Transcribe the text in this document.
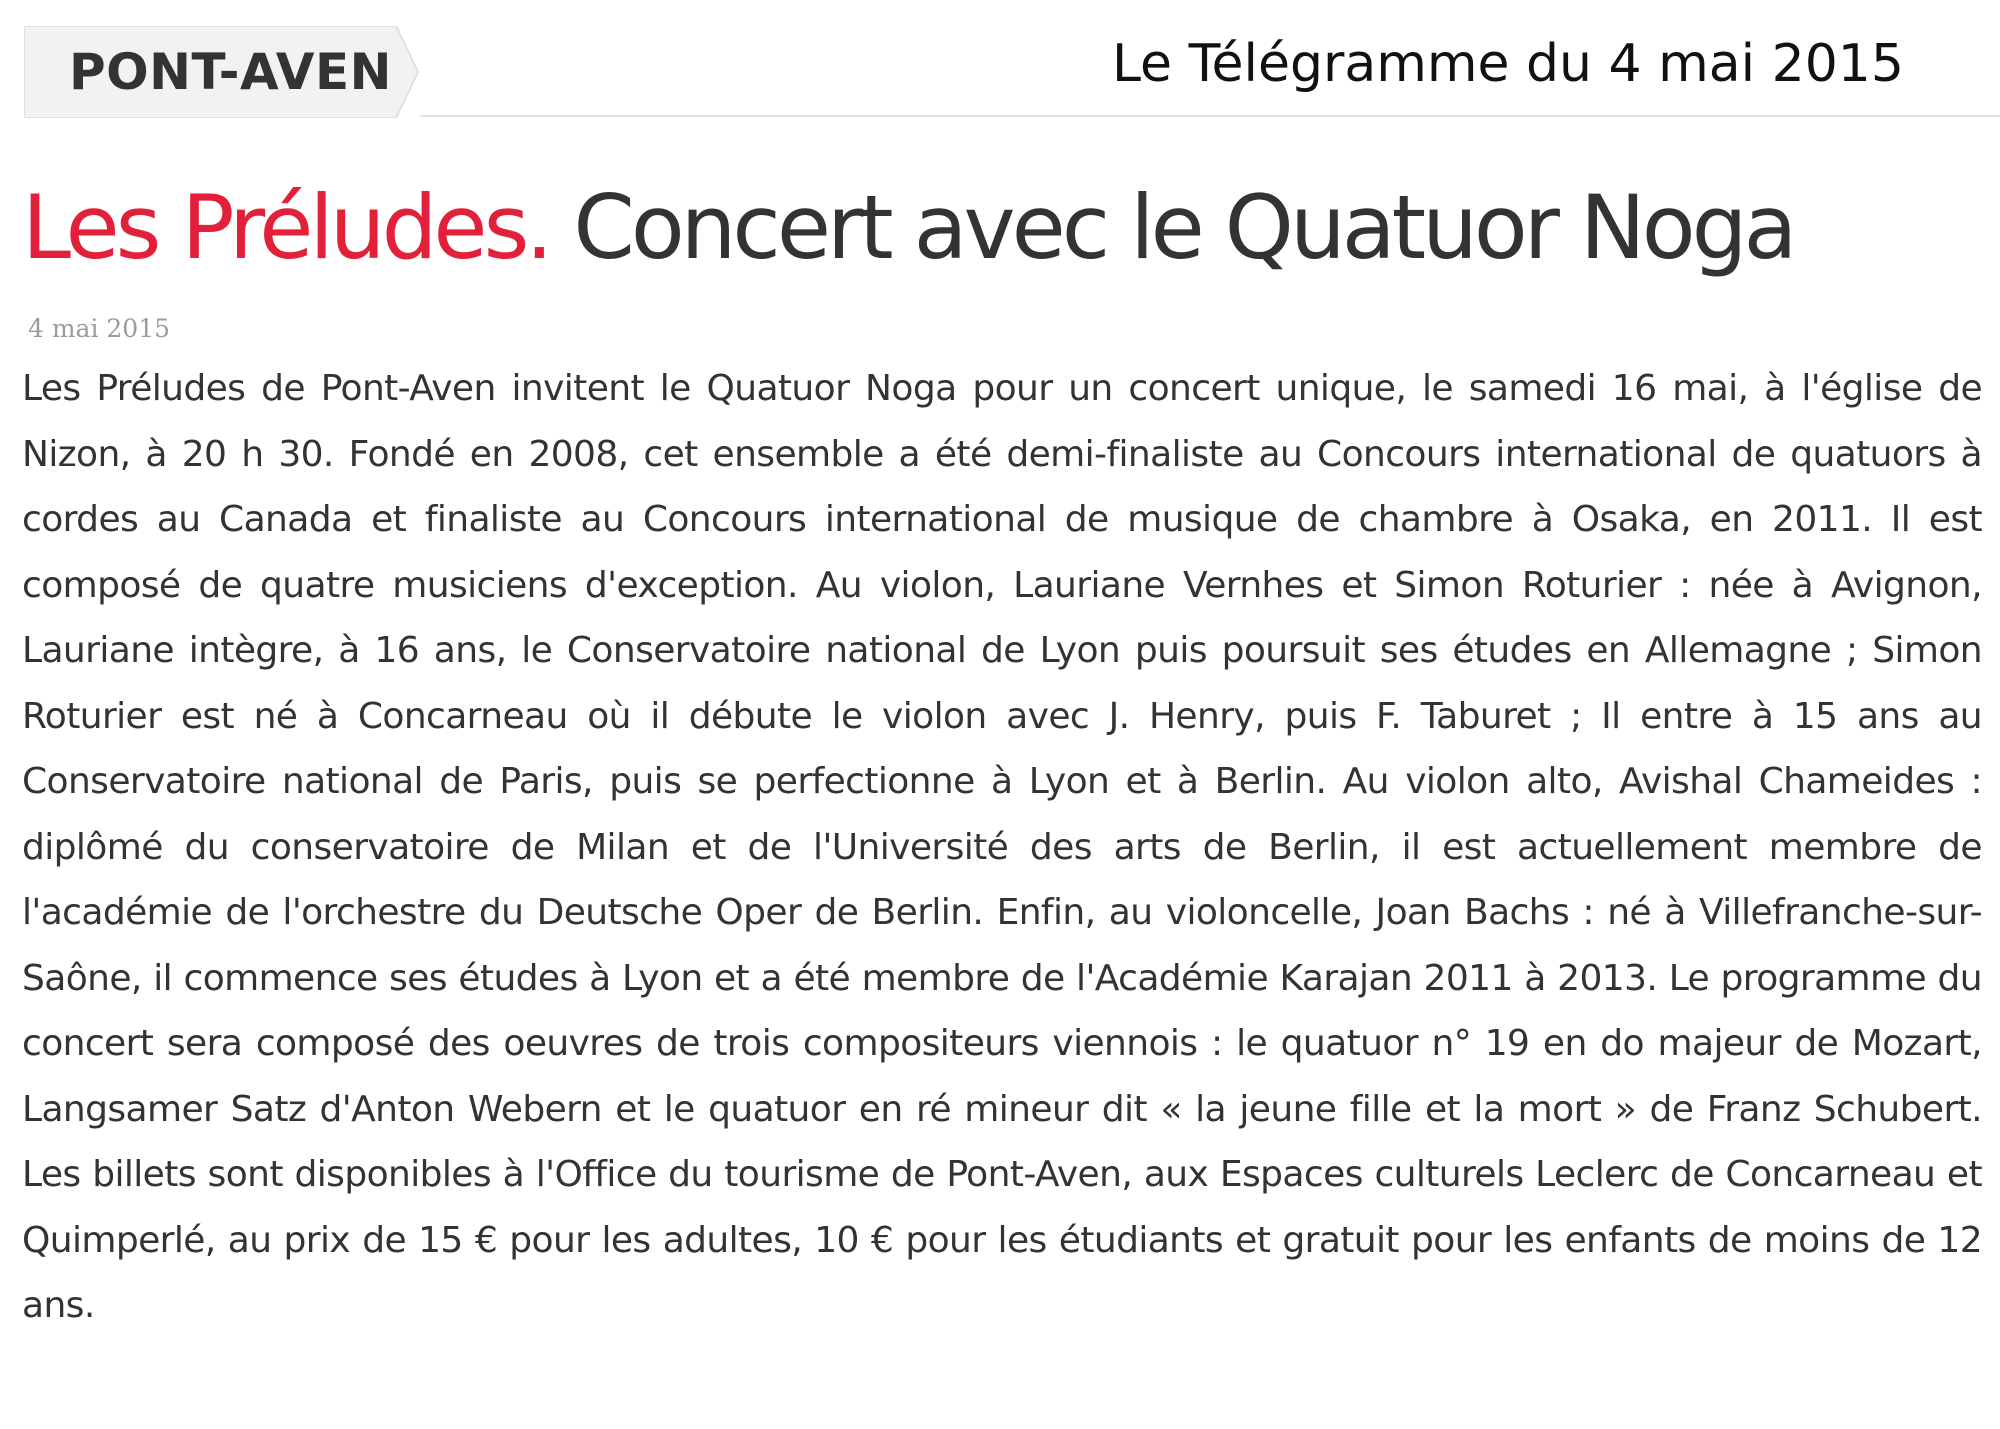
PONT-AVEN	Le Télégramme du 4 mai 2015
Les Préludes. Concert avec le Quatuor Noga
4 mai 2015

Les Préludes de Pont-Aven invitent le Quatuor Noga pour un concert unique, le samedi 16 mai, à l'église de Nizon, à 20 h 30. Fondé en 2008, cet ensemble a été demi-finaliste au Concours international de quatuors à cordes au Canada et finaliste au Concours international de musique de chambre à Osaka, en 2011. Il est composé de quatre musiciens d'exception. Au violon, Lauriane Vernhes et Simon Roturier : née à Avignon, Lauriane intègre, à 16 ans, le Conservatoire national de Lyon puis poursuit ses études en Allemagne ; Simon Roturier est né à Concarneau où il débute le violon avec J. Henry, puis F. Taburet ; Il entre à 15 ans au Conservatoire national de Paris, puis se perfectionne à Lyon et à Berlin. Au violon alto, Avishal Chameides : diplômé du conservatoire de Milan et de l'Université des arts de Berlin, il est actuellement membre de l'académie de l'orchestre du Deutsche Oper de Berlin. Enfin, au violoncelle, Joan Bachs : né à Villefranche-sur-Saône, il commence ses études à Lyon et a été membre de l'Académie Karajan 2011 à 2013. Le programme du concert sera composé des oeuvres de trois compositeurs viennois : le quatuor n° 19 en do majeur de Mozart, Langsamer Satz d'Anton Webern et le quatuor en ré mineur dit « la jeune fille et la mort » de Franz Schubert. Les billets sont disponibles à l'Office du tourisme de Pont-Aven, aux Espaces culturels Leclerc de Concarneau et Quimperlé, au prix de 15 € pour les adultes, 10 € pour les étudiants et gratuit pour les enfants de moins de 12 ans.
